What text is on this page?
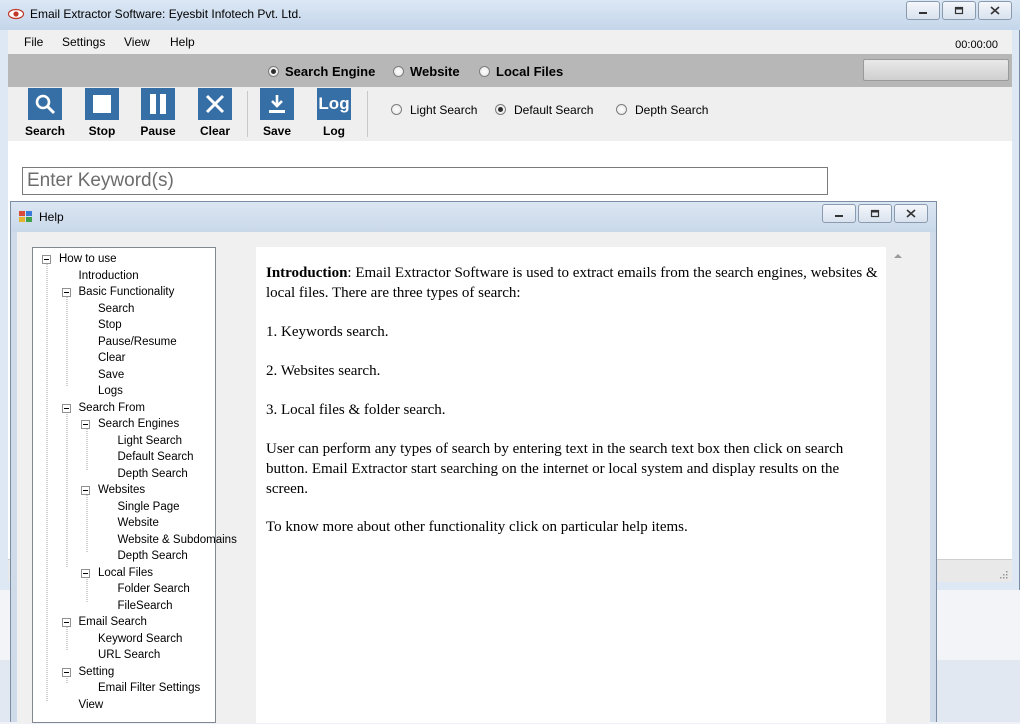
Email Extractor Software: Eyesbit Infotech Pvt. Ltd.
File Settings View Help	00:00:00
Search Engine	Website	Local Files
Search	Stop	Pause	Clear	Save
Log
Log
Light Search	Default Search	Depth Search
Enter Keyword(s)
Help
How to use
Introduction
Basic Functionality
Search
Stop
Pause/Resume
Clear
Save
Logs
Search From
Search Engines
Light Search
Default Search
Depth Search
Websites
Single Page
Website
Website & Subdomains
Depth Search
Local Files
Folder Search
FileSearch
Email Search
Keyword Search
URL Search
Setting
Email Filter Settings
View

Introduction: Email Extractor Software is used to extract emails from the search engines, websites & local files. There are three types of search:

1. Keywords search.

2. Websites search.

3. Local files & folder search.

User can perform any types of search by entering text in the search text box then click on search button. Email Extractor start searching on the internet or local system and display results on the screen.

To know more about other functionality click on particular help items.
